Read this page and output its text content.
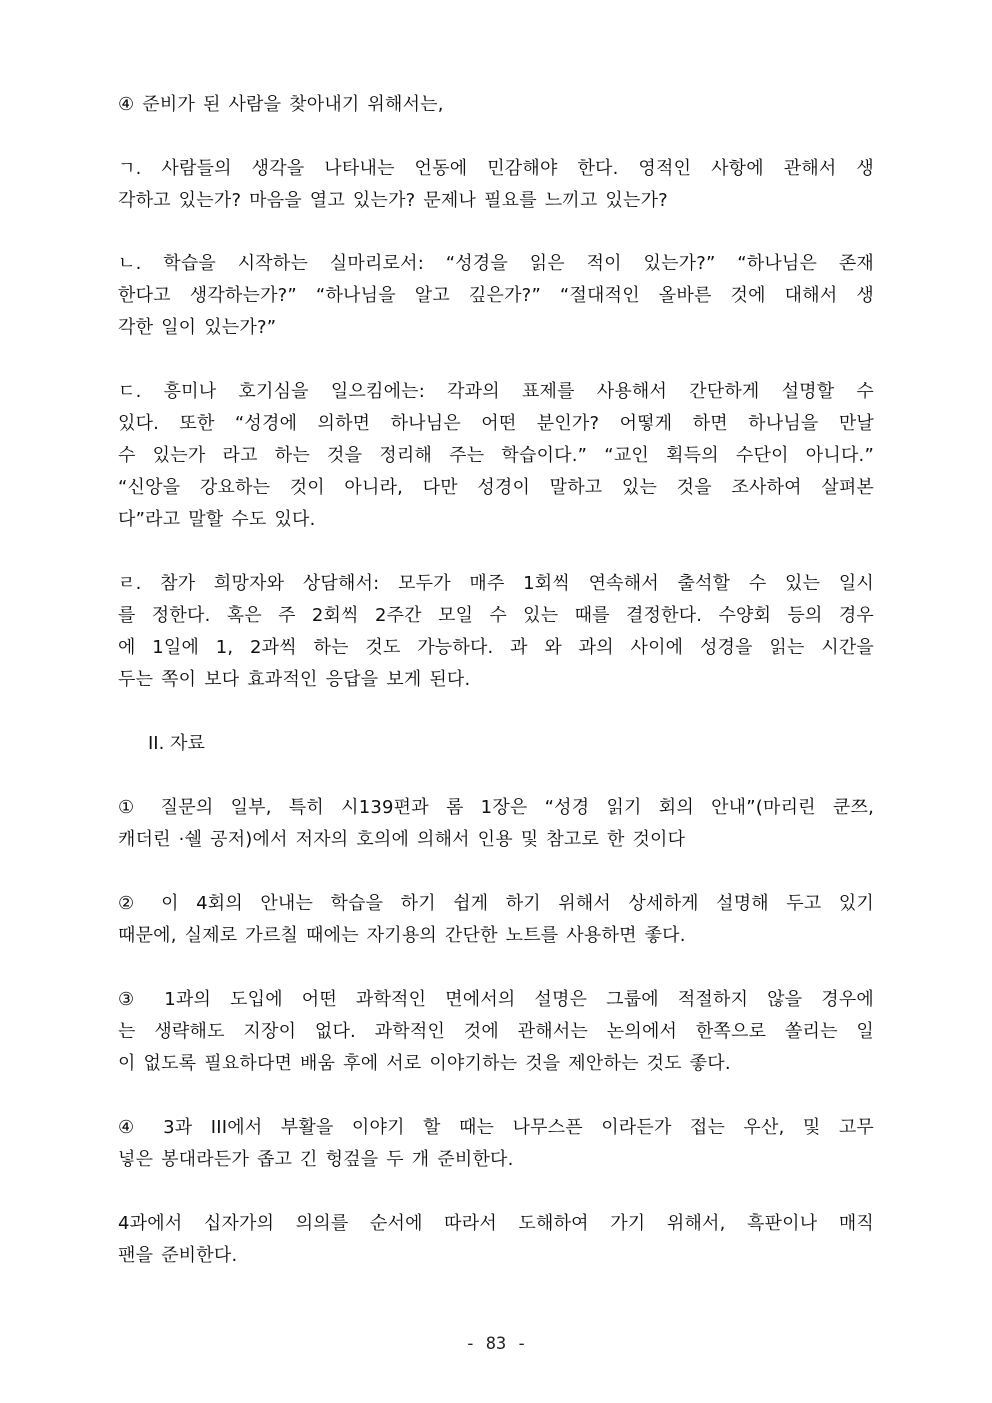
④ 준비가 된 사람을 찾아내기 위해서는,
ㄱ. 사람들의 생각을 나타내는 언동에 민감해야 한다. 영적인 사항에 관해서 생
각하고 있는가? 마음을 열고 있는가? 문제나 필요를 느끼고 있는가?
ㄴ. 학습을 시작하는 실마리로서: “성경을 읽은 적이 있는가?” “하나님은 존재
한다고 생각하는가?” “하나님을 알고 깊은가?” “절대적인 올바른 것에 대해서 생
각한 일이 있는가?”
ㄷ. 흥미나 호기심을 일으킴에는: 각과의 표제를 사용해서 간단하게 설명할 수
있다. 또한 “성경에 의하면 하나님은 어떤 분인가? 어떻게 하면 하나님을 만날
수 있는가 라고 하는 것을 정리해 주는 학습이다.” “교인 획득의 수단이 아니다.”
“신앙을 강요하는 것이 아니라, 다만 성경이 말하고 있는 것을 조사하여 살펴본
다”라고 말할 수도 있다.
ㄹ. 참가 희망자와 상담해서: 모두가 매주 1회씩 연속해서 출석할 수 있는 일시
를 정한다. 혹은 주 2회씩 2주간 모일 수 있는 때를 결정한다. 수양회 등의 경우
에 1일에 1, 2과씩 하는 것도 가능하다. 과 와 과의 사이에 성경을 읽는 시간을
두는 쪽이 보다 효과적인 응답을 보게 된다.
II. 자료
① 질문의 일부, 특히 시139편과 롬 1장은 “성경 읽기 회의 안내”(마리린 쿤쯔,
캐더린 ·쉘 공저)에서 저자의 호의에 의해서 인용 및 참고로 한 것이다
② 이 4회의 안내는 학습을 하기 쉽게 하기 위해서 상세하게 설명해 두고 있기
때문에, 실제로 가르칠 때에는 자기용의 간단한 노트를 사용하면 좋다.
③ 1과의 도입에 어떤 과학적인 면에서의 설명은 그룹에 적절하지 않을 경우에
는 생략해도 지장이 없다. 과학적인 것에 관해서는 논의에서 한쪽으로 쏠리는 일
이 없도록 필요하다면 배움 후에 서로 이야기하는 것을 제안하는 것도 좋다.
④ 3과 III에서 부활을 이야기 할 때는 나무스픈 이라든가 접는 우산, 및 고무
넣은 봉대라든가 좁고 긴 헝겊을 두 개 준비한다.
4과에서 십자가의 의의를 순서에 따라서 도해하여 가기 위해서, 흑판이나 매직
팬을 준비한다.
- 83 -
